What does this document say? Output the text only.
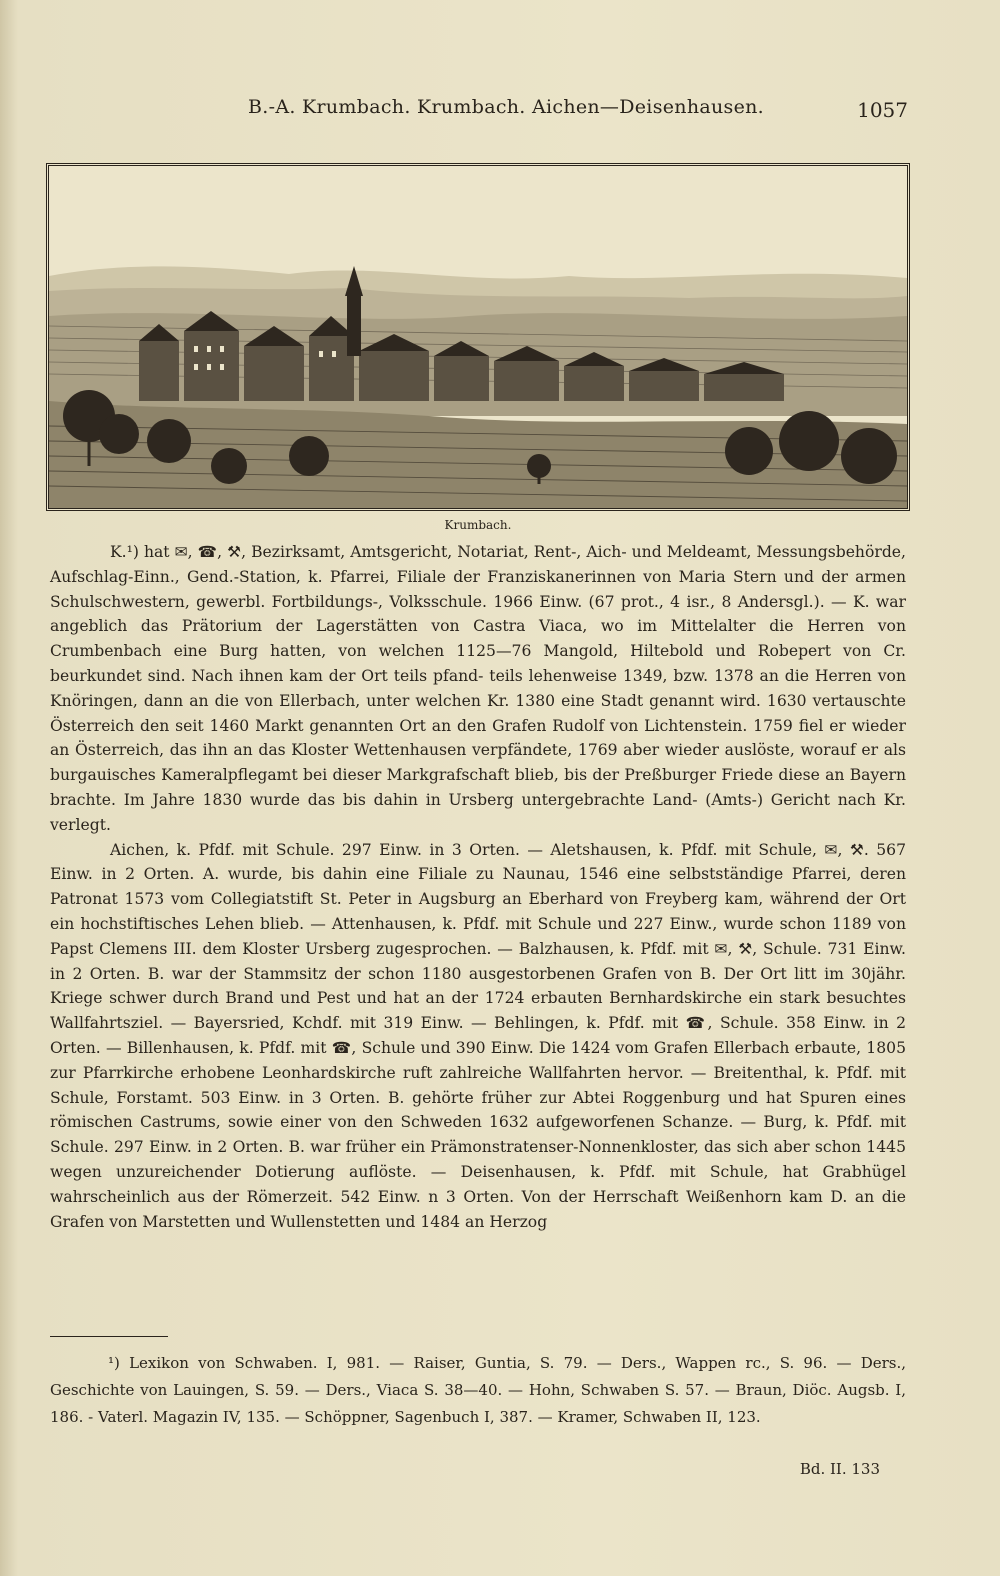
B.-A. Krumbach. Krumbach. Aichen—Deisenhausen.	1057
Krumbach.

K.¹) hat ✉, ☎, ⚒, Bezirksamt, Amtsgericht, Notariat, Rent-, Aich- und Meldeamt, Messungsbehörde, Aufschlag-Einn., Gend.-Station, k. Pfarrei, Filiale der Franziskanerinnen von Maria Stern und der armen Schulschwestern, gewerbl. Fortbildungs-, Volksschule. 1966 Einw. (67 prot., 4 isr., 8 Andersgl.). — K. war angeblich das Prätorium der Lagerstätten von Castra Viaca, wo im Mittelalter die Herren von Crumbenbach eine Burg hatten, von welchen 1125—76 Mangold, Hiltebold und Robepert von Cr. beurkundet sind. Nach ihnen kam der Ort teils pfand- teils lehenweise 1349, bzw. 1378 an die Herren von Knöringen, dann an die von Ellerbach, unter welchen Kr. 1380 eine Stadt genannt wird. 1630 vertauschte Österreich den seit 1460 Markt genannten Ort an den Grafen Rudolf von Lichtenstein. 1759 fiel er wieder an Österreich, das ihn an das Kloster Wettenhausen verpfändete, 1769 aber wieder auslöste, worauf er als burgauisches Kameralpflegamt bei dieser Markgrafschaft blieb, bis der Preßburger Friede diese an Bayern brachte. Im Jahre 1830 wurde das bis dahin in Ursberg untergebrachte Land- (Amts-) Gericht nach Kr. verlegt.

Aichen, k. Pfdf. mit Schule. 297 Einw. in 3 Orten. — Aletshausen, k. Pfdf. mit Schule, ✉, ⚒. 567 Einw. in 2 Orten. A. wurde, bis dahin eine Filiale zu Naunau, 1546 eine selbstständige Pfarrei, deren Patronat 1573 vom Collegiatstift St. Peter in Augsburg an Eberhard von Freyberg kam, während der Ort ein hochstiftisches Lehen blieb. — Attenhausen, k. Pfdf. mit Schule und 227 Einw., wurde schon 1189 von Papst Clemens III. dem Kloster Ursberg zugesprochen. — Balzhausen, k. Pfdf. mit ✉, ⚒, Schule. 731 Einw. in 2 Orten. B. war der Stammsitz der schon 1180 ausgestorbenen Grafen von B. Der Ort litt im 30jähr. Kriege schwer durch Brand und Pest und hat an der 1724 erbauten Bernhardskirche ein stark besuchtes Wallfahrtsziel. — Bayersried, Kchdf. mit 319 Einw. — Behlingen, k. Pfdf. mit ☎, Schule. 358 Einw. in 2 Orten. — Billenhausen, k. Pfdf. mit ☎, Schule und 390 Einw. Die 1424 vom Grafen Ellerbach erbaute, 1805 zur Pfarrkirche erhobene Leonhardskirche ruft zahlreiche Wallfahrten hervor. — Breitenthal, k. Pfdf. mit Schule, Forstamt. 503 Einw. in 3 Orten. B. gehörte früher zur Abtei Roggenburg und hat Spuren eines römischen Castrums, sowie einer von den Schweden 1632 aufgeworfenen Schanze. — Burg, k. Pfdf. mit Schule. 297 Einw. in 2 Orten. B. war früher ein Prämonstratenser-Nonnenkloster, das sich aber schon 1445 wegen unzureichender Dotierung auflöste. — Deisenhausen, k. Pfdf. mit Schule, hat Grabhügel wahrscheinlich aus der Römerzeit. 542 Einw. n 3 Orten. Von der Herrschaft Weißenhorn kam D. an die Grafen von Marstetten und Wullenstetten und 1484 an Herzog

¹) Lexikon von Schwaben. I, 981. — Raiser, Guntia, S. 79. — Ders., Wappen rc., S. 96. — Ders., Geschichte von Lauingen, S. 59. — Ders., Viaca S. 38—40. — Hohn, Schwaben S. 57. — Braun, Diöc. Augsb. I, 186. - Vaterl. Magazin IV, 135. — Schöppner, Sagenbuch I, 387. — Kramer, Schwaben II, 123.
Bd. II. 133
